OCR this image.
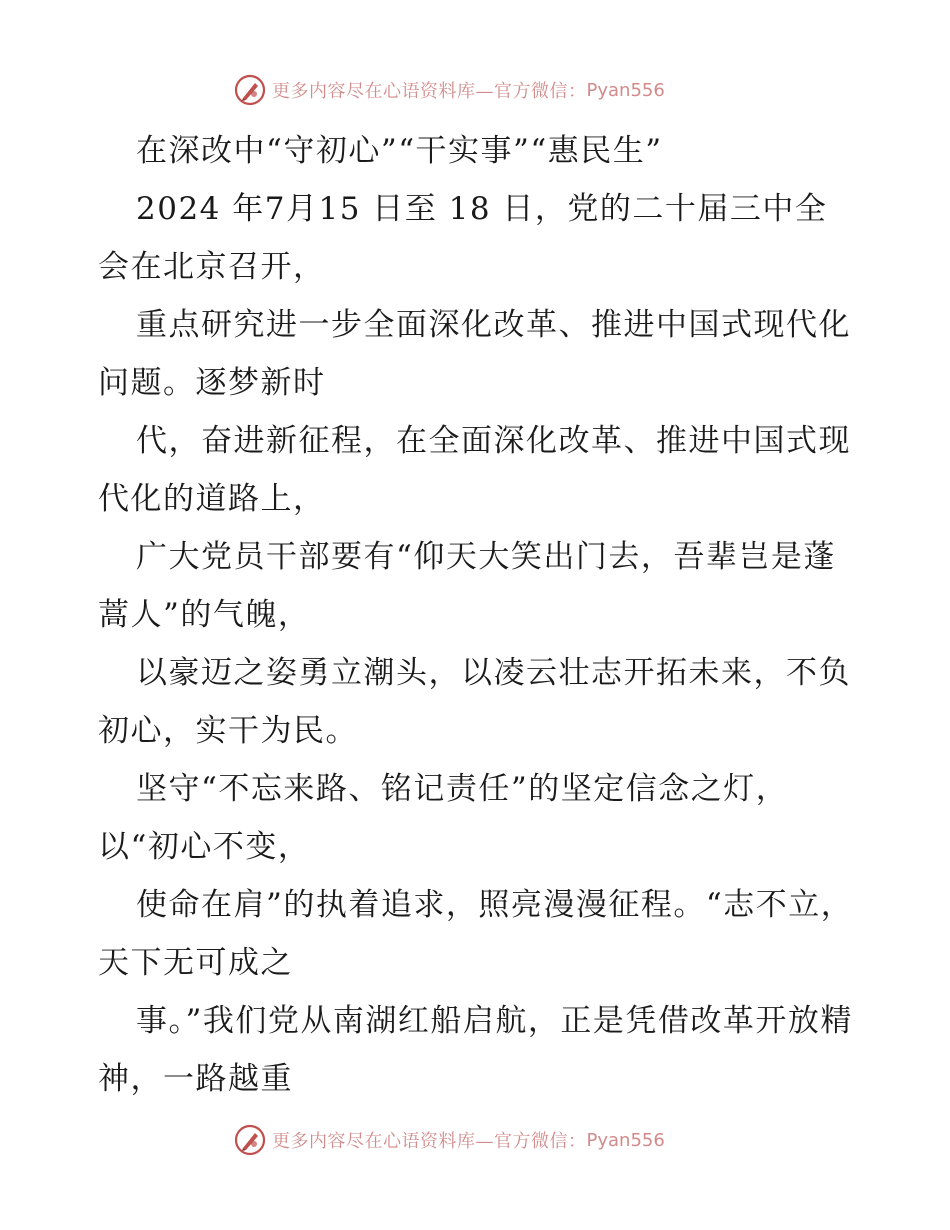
更多内容尽在心语资料库—官方微信： Pyan556

在深改中“守初心”“干实事”“惠民生”

2024 年7月15 日至 18 日，党的二十届三中全会在北京召开，

重点研究进一步全面深化改革、推进中国式现代化问题。逐梦新时

代，奋进新征程，在全面深化改革、推进中国式现代化的道路上，

广大党员干部要有“仰天大笑出门去，吾辈岂是蓬蒿人”的气魄，

以豪迈之姿勇立潮头，以凌云壮志开拓未来，不负初心，实干为民。

坚守“不忘来路、铭记责任”的坚定信念之灯，以“初心不变，

使命在肩”的执着追求，照亮漫漫征程。“志不立，天下无可成之

事。”我们党从南湖红船启航，正是凭借改革开放精神，一路越重

更多内容尽在心语资料库—官方微信： Pyan556
